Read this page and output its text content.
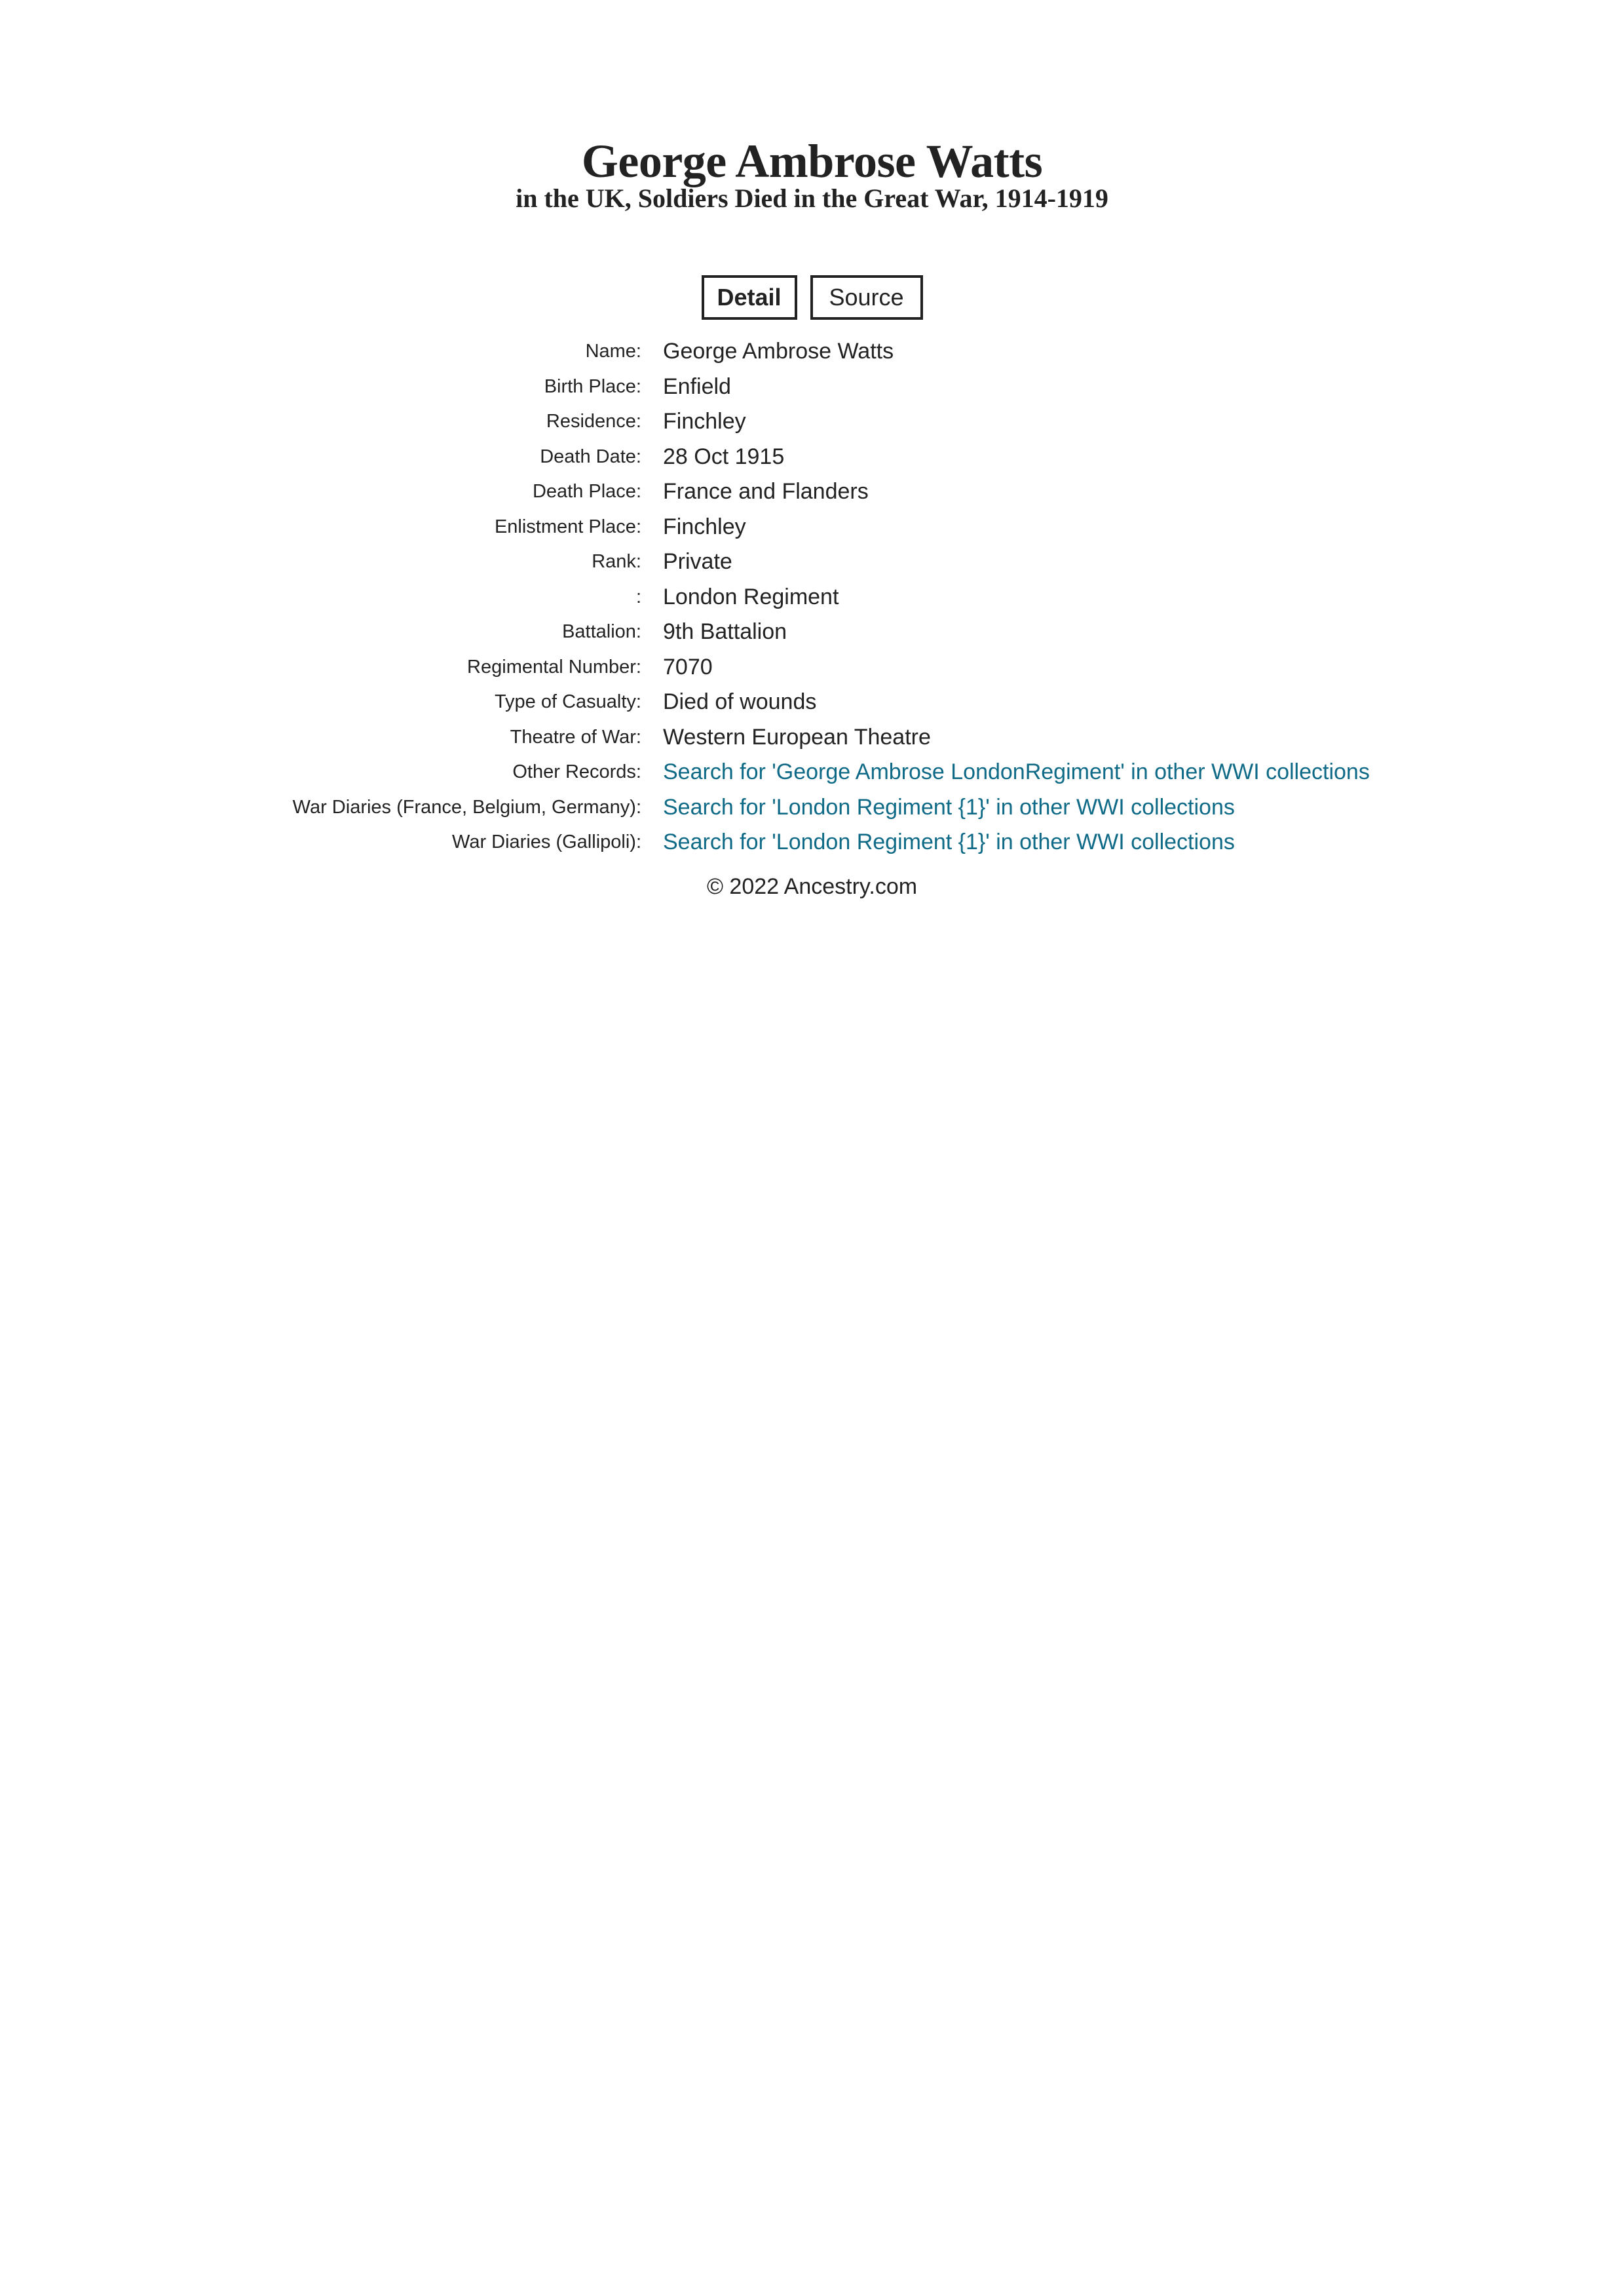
George Ambrose Watts
in the UK, Soldiers Died in the Great War, 1914-1919
Detail	Source
Name: George Ambrose Watts
Birth Place: Enfield
Residence: Finchley
Death Date: 28 Oct 1915
Death Place: France and Flanders
Enlistment Place: Finchley
Rank: Private
: London Regiment
Battalion: 9th Battalion
Regimental Number: 7070
Type of Casualty: Died of wounds
Theatre of War: Western European Theatre
Other Records: Search for 'George Ambrose LondonRegiment' in other WWI collections
War Diaries (France, Belgium, Germany): Search for 'London Regiment {1}' in other WWI collections
War Diaries (Gallipoli): Search for 'London Regiment {1}' in other WWI collections
© 2022 Ancestry.com
